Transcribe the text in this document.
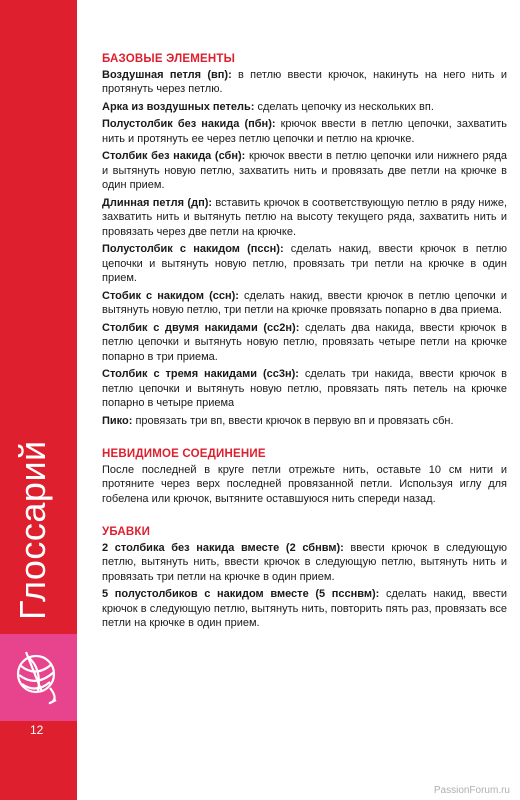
Глоссарий
12
БАЗОВЫЕ ЭЛЕМЕНТЫ

Воздушная петля (вп): в петлю ввести крючок, накинуть на него нить и протянуть через петлю.

Арка из воздушных петель: сделать цепочку из нескольких вп.

Полустолбик без накида (пбн): крючок ввести в петлю цепочки, захватить нить и протянуть ее через петлю цепочки и петлю на крючке.

Столбик без накида (сбн): крючок ввести в петлю цепочки или нижнего ряда и вытянуть новую петлю, захватить нить и провязать две петли на крючке в один прием.

Длинная петля (дп): вставить крючок в соответствующую петлю в ряду ниже, захватить нить и вытянуть петлю на высоту текущего ряда, захватить нить и провязать через две петли на крючке.

Полустолбик с накидом (пссн): сделать накид, ввести крючок в петлю цепочки и вытянуть новую петлю, провязать три петли на крючке в один прием.

Стобик с накидом (ссн): сделать накид, ввести крючок в петлю цепочки и вытянуть новую петлю, три петли на крючке провязать попарно в два приема.

Столбик с двумя накидами (сс2н): сделать два накида, ввести крючок в петлю цепочки и вытянуть новую петлю, провязать четыре петли на крючке попарно в три приема.

Столбик с тремя накидами (сс3н): сделать три накида, ввести крючок в петлю цепочки и вытянуть новую петлю, провязать пять петель на крючке попарно в четыре приема

Пико: провязать три вп, ввести крючок в первую вп и провязать сбн.

НЕВИДИМОЕ СОЕДИНЕНИЕ

После последней в круге петли отрежьте нить, оставьте 10 см нити и протяните через верх последней провязанной петли. Используя иглу для гобелена или крючок, вытяните оставшуюся нить спереди назад.

УБАВКИ

2 столбика без накида вместе (2 сбнвм): ввести крючок в следующую петлю, вытянуть нить, ввести крючок в следующую петлю, вытянуть нить и провязать три петли на крючке в один прием.

5 полустолбиков с накидом вместе (5 псснвм): сделать накид, ввести крючок в следующую петлю, вытянуть нить, повторить пять раз, провязать все петли на крючке в один прием.

PassionForum.ru
